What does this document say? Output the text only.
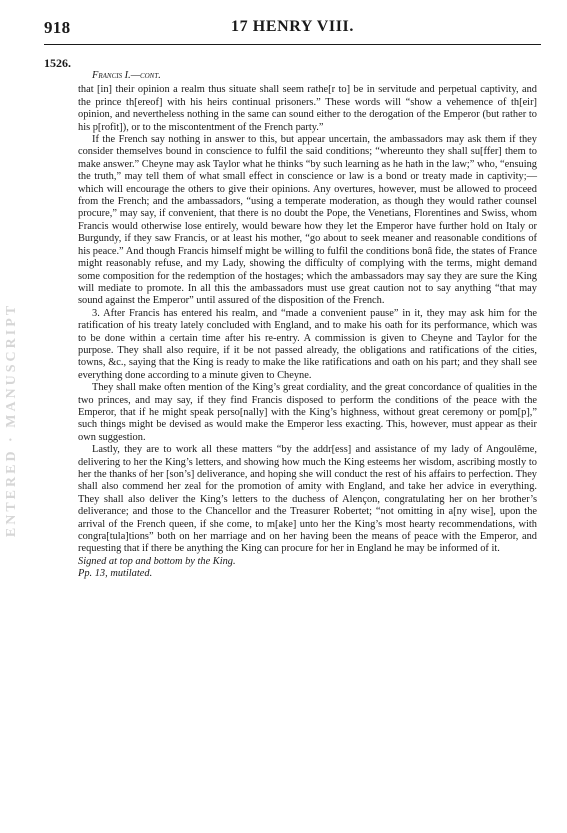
918	17 HENRY VIII.
1526.
ENTERED · MANUSCRIPT
Francis I.—cont.

that [in] their opinion a realm thus situate shall seem rathe[r to] be in servitude and perpetual captivity, and the prince th[ereof] with his heirs continual prisoners.” These words will “show a vehemence of th[eir] opinion, and nevertheless nothing in the same can sound either to the derogation of the Emperor (but rather to his p[rofit]), or to the miscontentment of the French party.”

If the French say nothing in answer to this, but appear uncertain, the ambassadors may ask them if they consider themselves bound in conscience to fulfil the said conditions; “whereunto they shall su[ffer] them to make answer.” Cheyne may ask Taylor what he thinks “by such learning as he hath in the law;” who, “ensuing the truth,” may tell them of what small effect in conscience or law is a bond or treaty made in captivity;—which will encourage the others to give their opinions. Any overtures, however, must be allowed to proceed from the French; and the ambassadors, “using a temperate moderation, as though they would rather counsel procure,” may say, if convenient, that there is no doubt the Pope, the Venetians, Florentines and Swiss, whom Francis would otherwise lose entirely, would beware how they let the Emperor have further hold on Italy or Burgundy, if they saw Francis, or at least his mother, “go about to seek meaner and reasonable conditions of his peace.” And though Francis himself might be willing to fulfil the conditions bonâ fide, the states of France might reasonably refuse, and my Lady, showing the difficulty of complying with the terms, might demand some composition for the redemption of the hostages; which the ambassadors may say they are sure the King will mediate to promote. In all this the ambassadors must use great caution not to say anything “that may sound against the Emperor” until assured of the disposition of the French.

3. After Francis has entered his realm, and “made a convenient pause” in it, they may ask him for the ratification of his treaty lately concluded with England, and to make his oath for its performance, which was to be done within a certain time after his re-entry. A commission is given to Cheyne and Taylor for the purpose. They shall also require, if it be not passed already, the obligations and ratifications of the cities, towns, &c., saying that the King is ready to make the like ratifications and oath on his part; and they shall see everything done according to a minute given to Cheyne.

They shall make often mention of the King’s great cordiality, and the great concordance of qualities in the two princes, and may say, if they find Francis disposed to perform the conditions of the peace with the Emperor, that if he might speak perso[nally] with the King’s highness, without great ceremony or pom[p],” such things might be devised as would make the Emperor less exacting. This, however, must appear as their own suggestion.

Lastly, they are to work all these matters “by the addr[ess] and assistance of my lady of Angoulême, delivering to her the King’s letters, and showing how much the King esteems her wisdom, ascribing mostly to her the thanks of her [son’s] deliverance, and hoping she will conduct the rest of his affairs to perfection. They shall also commend her zeal for the promotion of amity with England, and take her advice in everything. They shall also deliver the King’s letters to the duchess of Alençon, congratulating her on her brother’s deliverance; and those to the Chancellor and the Treasurer Robertet; “not omitting in a[ny wise], upon the arrival of the French queen, if she come, to m[ake] unto her the King’s most hearty recommendations, with congra[tula]tions” both on her marriage and on her having been the means of peace with the Emperor, and requesting that if there be anything the King can procure for her in England he may be informed of it.

Signed at top and bottom by the King.

Pp. 13, mutilated.
